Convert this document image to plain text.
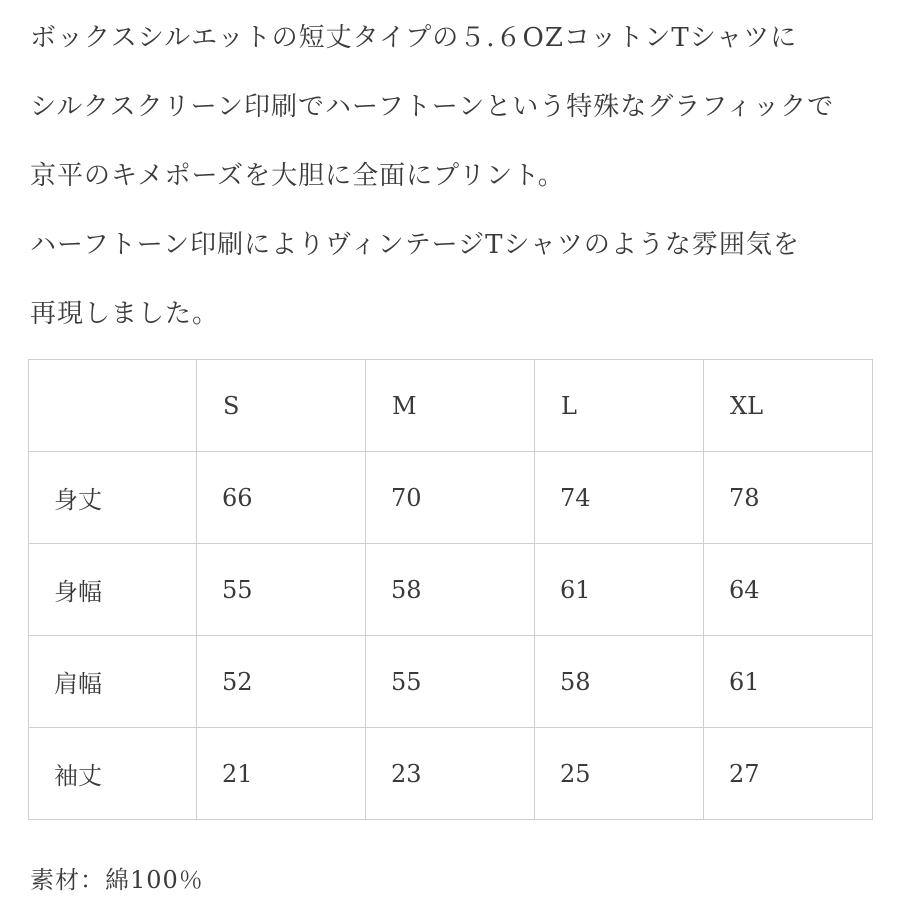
ボックスシルエットの短丈タイプの５.６OZコットンTシャツに
シルクスクリーン印刷でハーフトーンという特殊なグラフィックで
京平のキメポーズを大胆に全面にプリント。
ハーフトーン印刷によりヴィンテージTシャツのような雰囲気を
再現しました。
	S	M	L	XL
身丈	66	70	74	78
身幅	55	58	61	64
肩幅	52	55	58	61
袖丈	21	23	25	27
素材：綿100％
